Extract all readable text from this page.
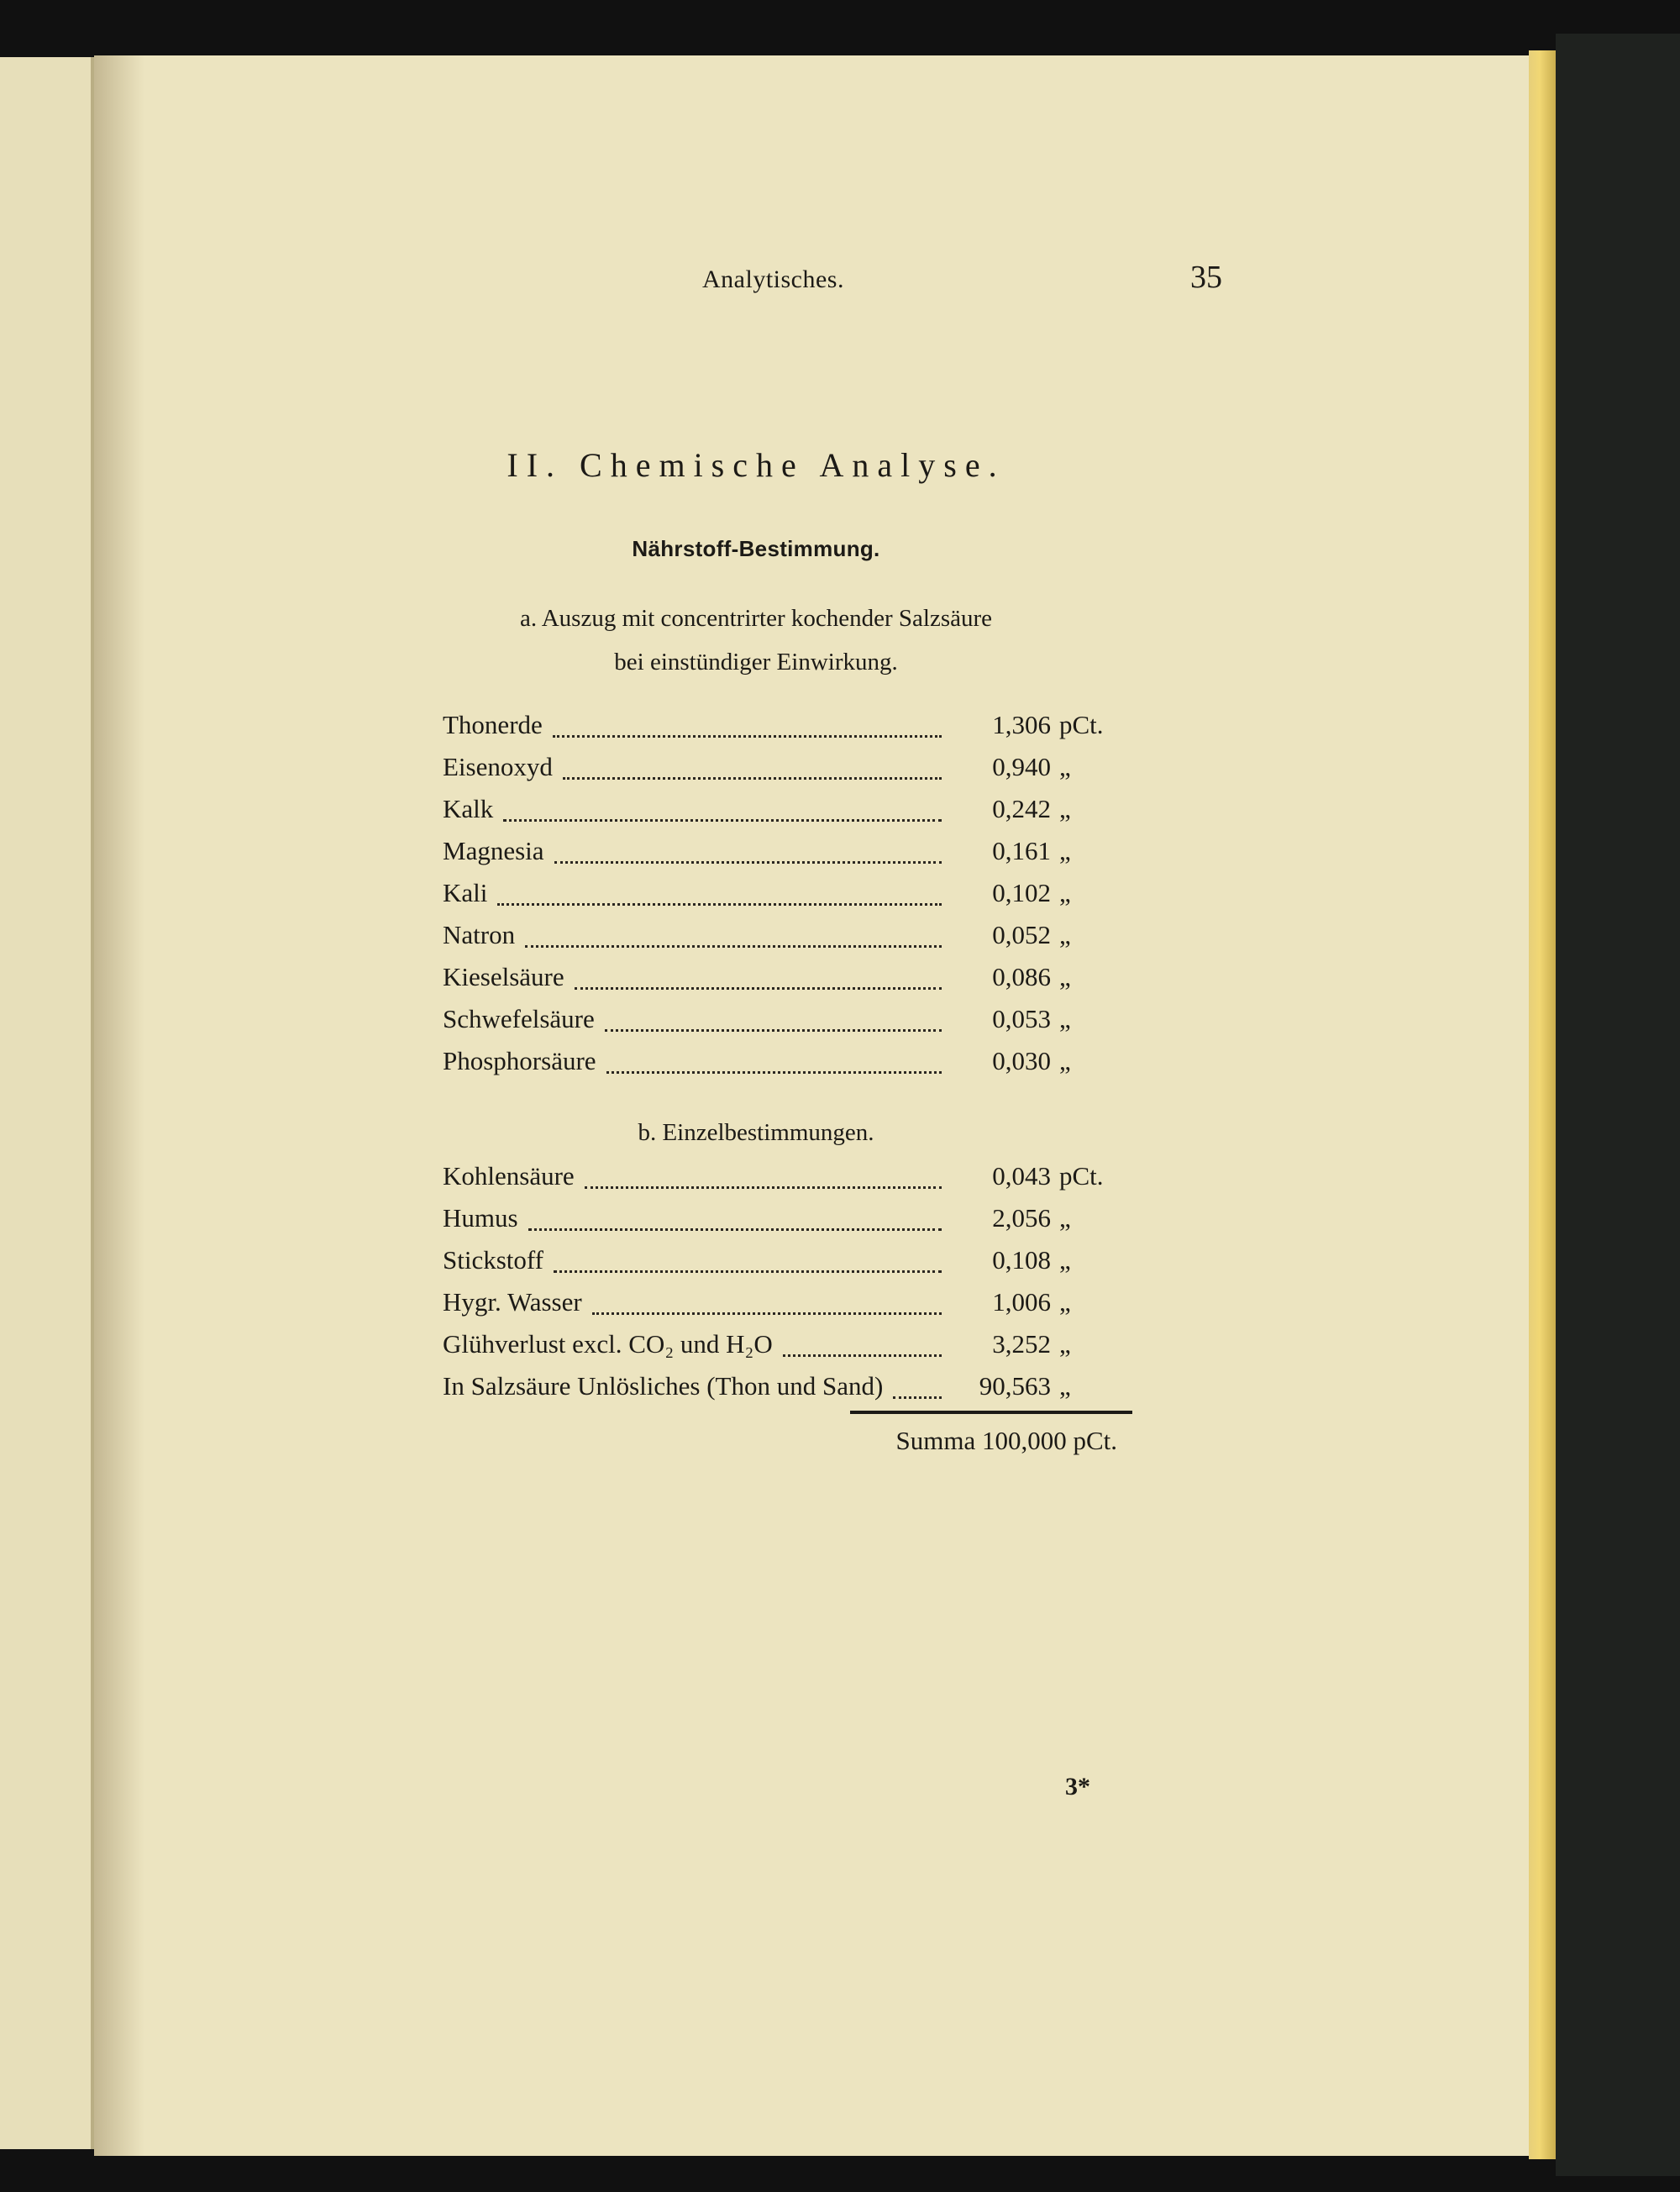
Analytisches.	35
II. Chemische Analyse.
Nährstoff-Bestimmung.
a. Auszug mit concentrirter kochender Salzsäure
bei einstündiger Einwirkung.
Thonerde	1,306 pCt.
Eisenoxyd	0,940 „
Kalk	0,242 „
Magnesia	0,161 „
Kali	0,102 „
Natron	0,052 „
Kieselsäure	0,086 „
Schwefelsäure	0,053 „
Phosphorsäure	0,030 „
b. Einzelbestimmungen.
Kohlensäure	0,043 pCt.
Humus	2,056 „
Stickstoff	0,108 „
Hygr. Wasser	1,006 „
Glühverlust excl. CO₂ und H₂O	3,252 „
In Salzsäure Unlösliches (Thon und Sand)	90,563 „
Summa 100,000 pCt.
3*
